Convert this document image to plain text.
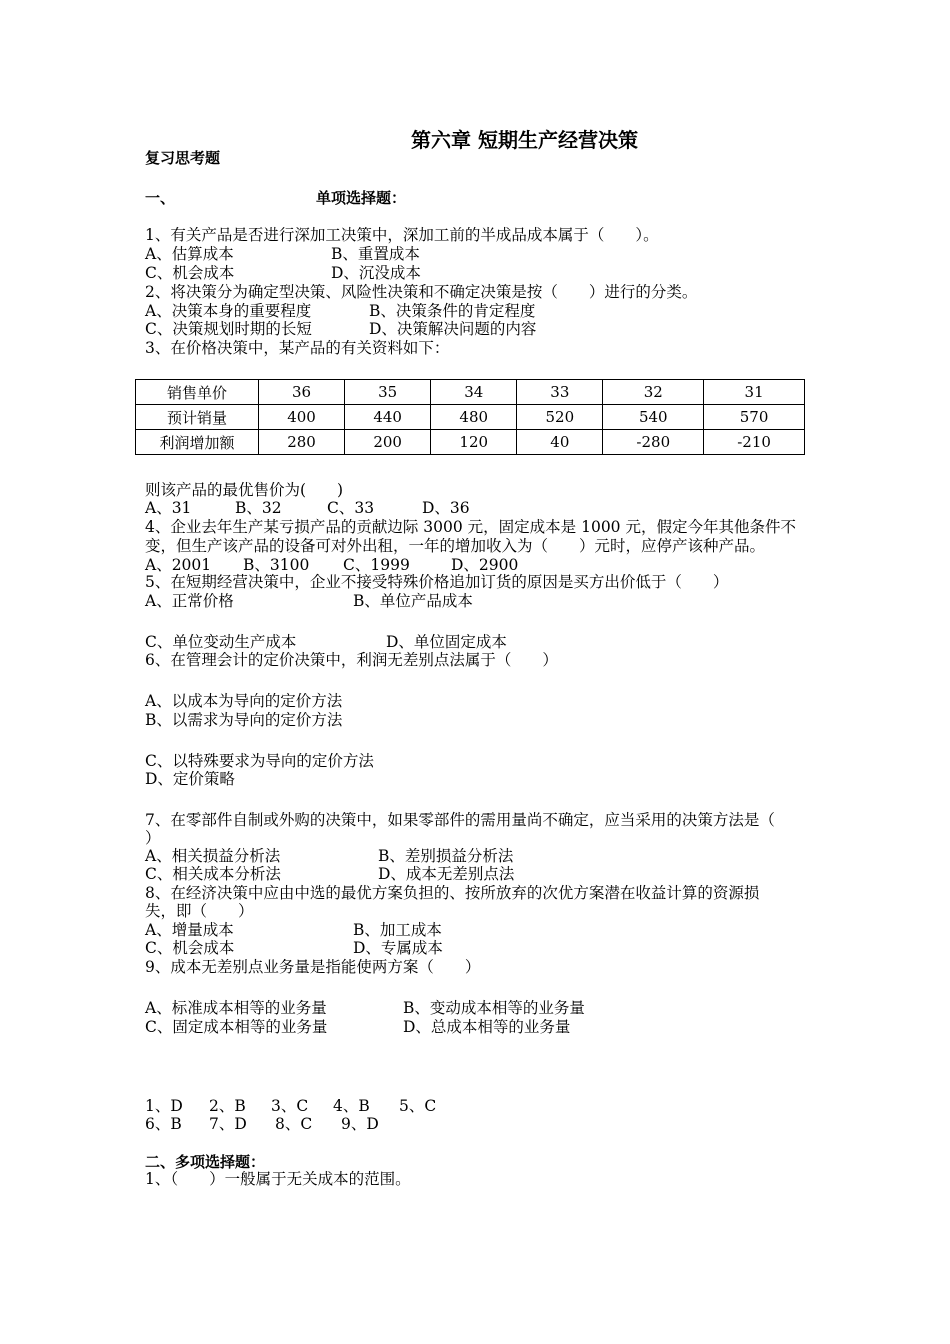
第六章 短期生产经营决策
复习思考题
一、	单项选择题：
1、有关产品是否进行深加工决策中，深加工前的半成品成本属于（　　）。
A、估算成本	B、重置成本
C、机会成本	D、沉没成本
2、将决策分为确定型决策、风险性决策和不确定决策是按（　　）进行的分类。
A、决策本身的重要程度	B、决策条件的肯定程度
C、决策规划时期的长短	D、决策解决问题的内容
3、在价格决策中，某产品的有关资料如下：
销售单价	36	35	34	33	32	31
预计销量	400	440	480	520	540	570
利润增加额	280	200	120	40	-280	-210
则该产品的最优售价为(　　)
A、31	B、32	C、33	D、36
4、企业去年生产某亏损产品的贡献边际 3000 元，固定成本是 1000 元，假定今年其他条件不
变，但生产该产品的设备可对外出租，一年的增加收入为（　　）元时，应停产该种产品。
A、2001 B、3100 C、1999	D、2900
5、在短期经营决策中，企业不接受特殊价格追加订货的原因是买方出价低于（　　）
A、正常价格	B、单位产品成本
C、单位变动生产成本	D、单位固定成本
6、在管理会计的定价决策中，利润无差别点法属于（　　）
A、以成本为导向的定价方法
B、以需求为导向的定价方法
C、以特殊要求为导向的定价方法
D、定价策略
7、在零部件自制或外购的决策中，如果零部件的需用量尚不确定，应当采用的决策方法是（
）
A、相关损益分析法	B、差别损益分析法
C、相关成本分析法	D、成本无差别点法
8、在经济决策中应由中选的最优方案负担的、按所放弃的次优方案潜在收益计算的资源损
失，即（　　）
A、增量成本	B、加工成本
C、机会成本	D、专属成本
9、成本无差别点业务量是指能使两方案（　　）
A、标准成本相等的业务量	B、变动成本相等的业务量
C、固定成本相等的业务量	D、总成本相等的业务量
1、D 2、B 3、C 4、B 5、C
6、B 7、D 8、C 9、D
二、多项选择题：
1、（　　）一般属于无关成本的范围。
